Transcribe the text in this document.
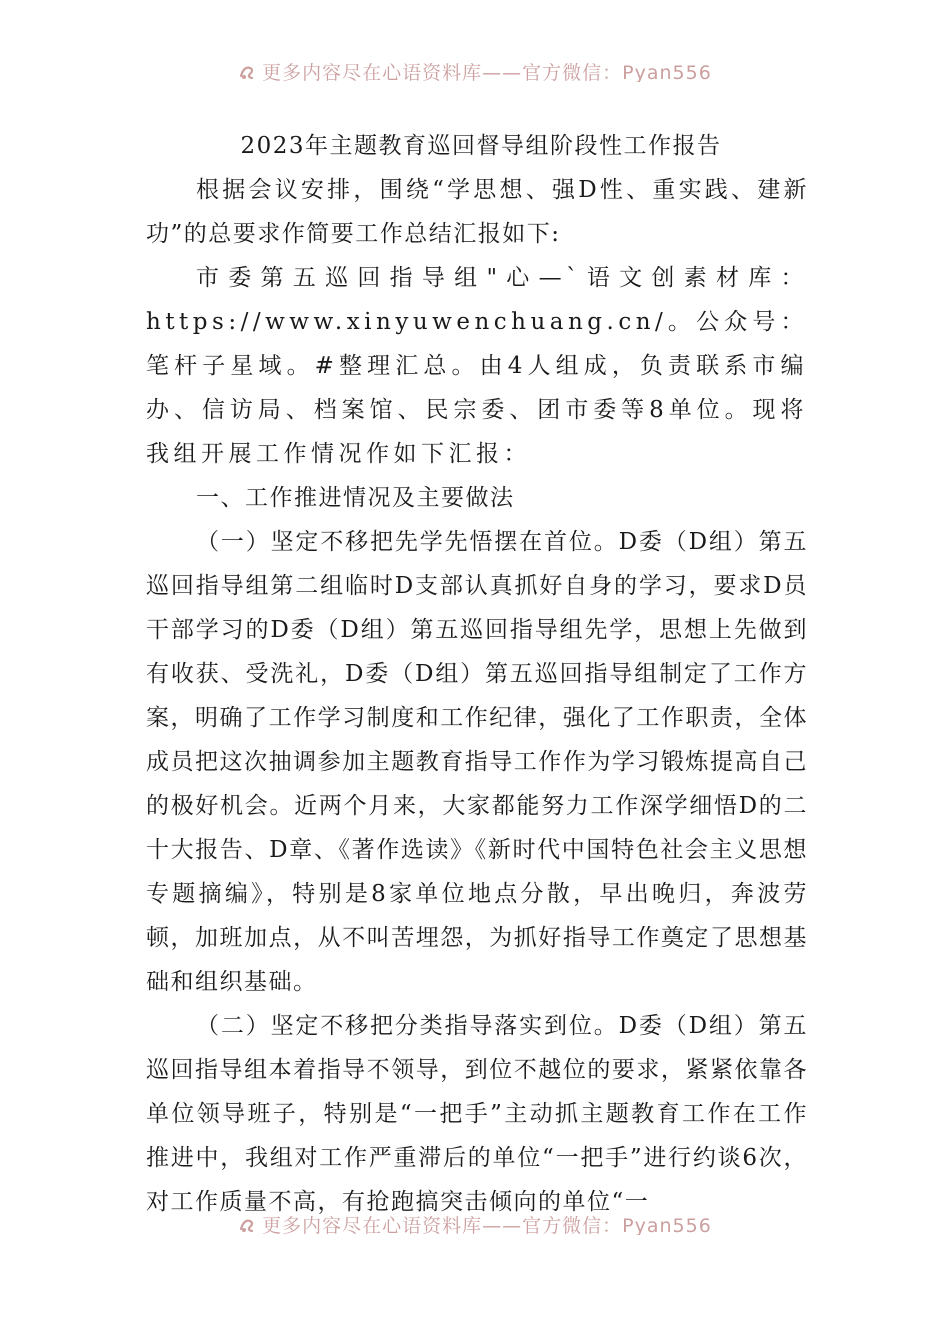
更多内容尽在心语资料库——官方微信：Pyan556
2023年主题教育巡回督导组阶段性工作报告

根据会议安排，围绕“学思想、强D性、重实践、建新功”的总要求作简要工作总结汇报如下:

市委第五巡回指导组"心—`语文创素材库：https://www.xinyuwenchuang.cn/。公众号：笔杆子星域。#整理汇总。由4人组成，负责联系市编办、信访局、档案馆、民宗委、团市委等8单位。现将我组开展工作情况作如下汇报：

一、工作推进情况及主要做法

（一）坚定不移把先学先悟摆在首位。D委（D组）第五巡回指导组第二组临时D支部认真抓好自身的学习，要求D员干部学习的D委（D组）第五巡回指导组先学，思想上先做到有收获、受洗礼，D委（D组）第五巡回指导组制定了工作方案，明确了工作学习制度和工作纪律，强化了工作职责，全体成员把这次抽调参加主题教育指导工作作为学习锻炼提高自己的极好机会。近两个月来，大家都能努力工作深学细悟D的二十大报告、D章、《著作选读》《新时代中国特色社会主义思想专题摘编》，特别是8家单位地点分散，早出晚归，奔波劳顿，加班加点，从不叫苦埋怨，为抓好指导工作奠定了思想基础和组织基础。

（二）坚定不移把分类指导落实到位。D委（D组）第五巡回指导组本着指导不领导，到位不越位的要求，紧紧依靠各单位领导班子，特别是“一把手”主动抓主题教育工作在工作推进中，我组对工作严重滞后的单位“一把手”进行约谈6次，对工作质量不高，有抢跑搞突击倾向的单位“一

更多内容尽在心语资料库——官方微信：Pyan556
